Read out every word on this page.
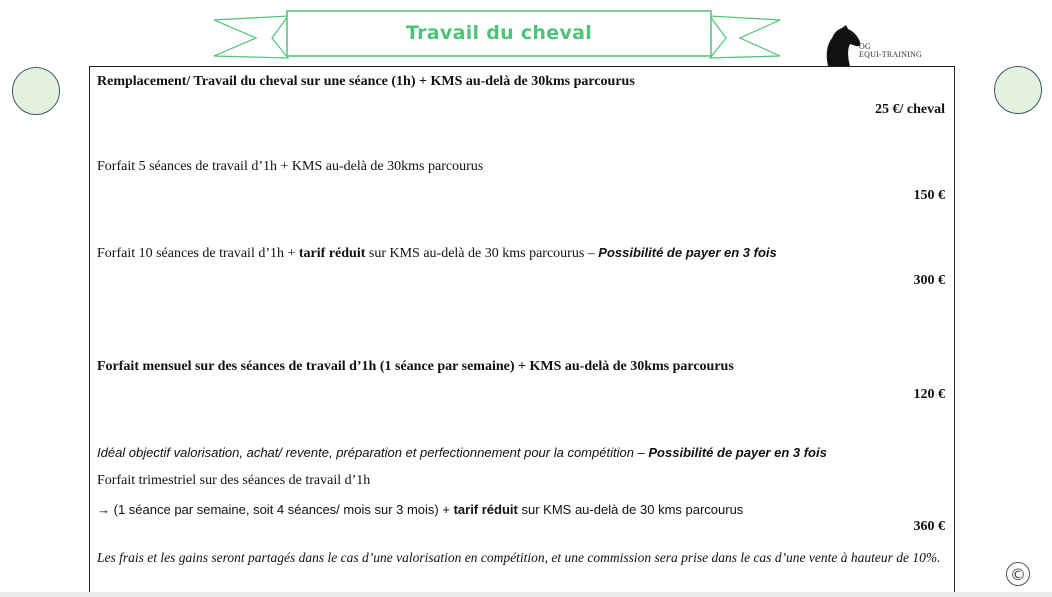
Travail du cheval
OG
EQUI-TRAINING
Remplacement/ Travail du cheval sur une séance (1h) + KMS au-delà de 30kms parcourus
25 €/ cheval
Forfait 5 séances de travail d’1h + KMS au-delà de 30kms parcourus
150 €
Forfait 10 séances de travail d’1h + tarif réduit sur KMS au-delà de 30 kms parcourus – Possibilité de payer en 3 fois
300 €
Forfait mensuel sur des séances de travail d’1h (1 séance par semaine) + KMS au-delà de 30kms parcourus
120 €
Idéal objectif valorisation, achat/ revente, préparation et perfectionnement pour la compétition – Possibilité de payer en 3 fois
Forfait trimestriel sur des séances de travail d’1h
→ (1 séance par semaine, soit 4 séances/ mois sur 3 mois) + tarif réduit sur KMS au-delà de 30 kms parcourus
360 €
Les frais et les gains seront partagés dans le cas d’une valorisation en compétition, et une commission sera prise dans le cas d’une vente à hauteur de 10%.
©
